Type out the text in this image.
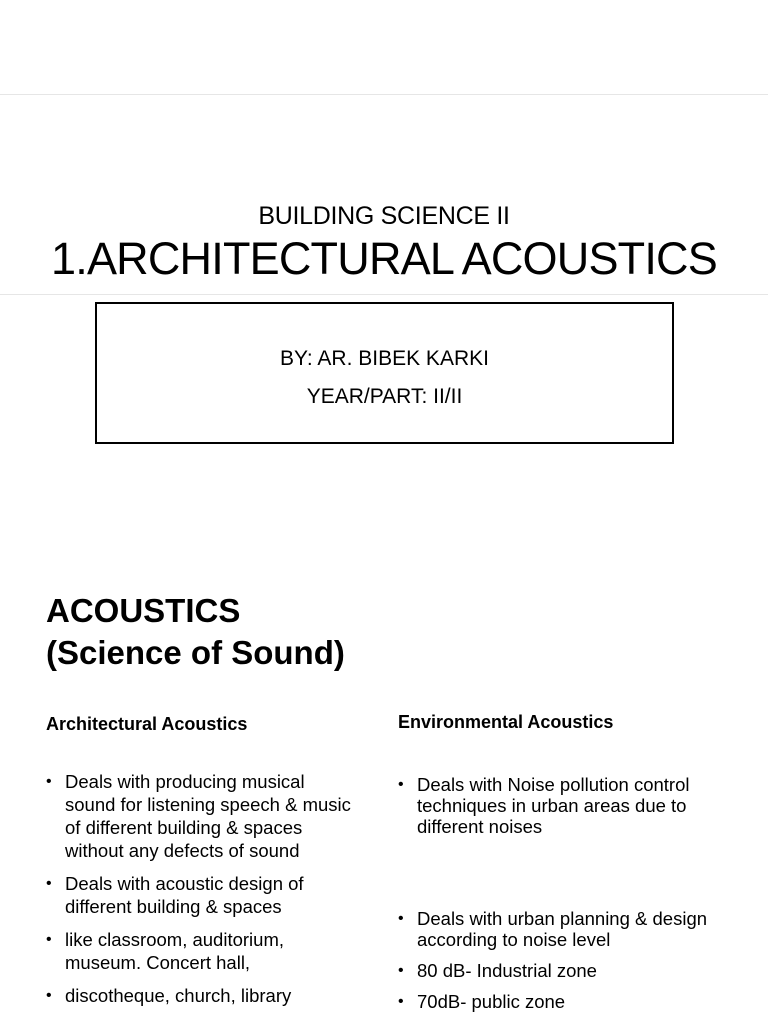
BUILDING SCIENCE II
1.ARCHITECTURAL ACOUSTICS
BY: AR. BIBEK KARKI
YEAR/PART: II/II
ACOUSTICS
(Science of Sound)
Architectural Acoustics	Environmental Acoustics
• Deals with producing musical sound for listening speech & music of different building & spaces without any defects of sound
• Deals with acoustic design of different building & spaces
• like classroom, auditorium, museum. Concert hall,
• discotheque, church, library
• Deals with Noise pollution control techniques in urban areas due to different noises
• Deals with urban planning & design according to noise level
• 80 dB- Industrial zone
• 70dB- public zone
